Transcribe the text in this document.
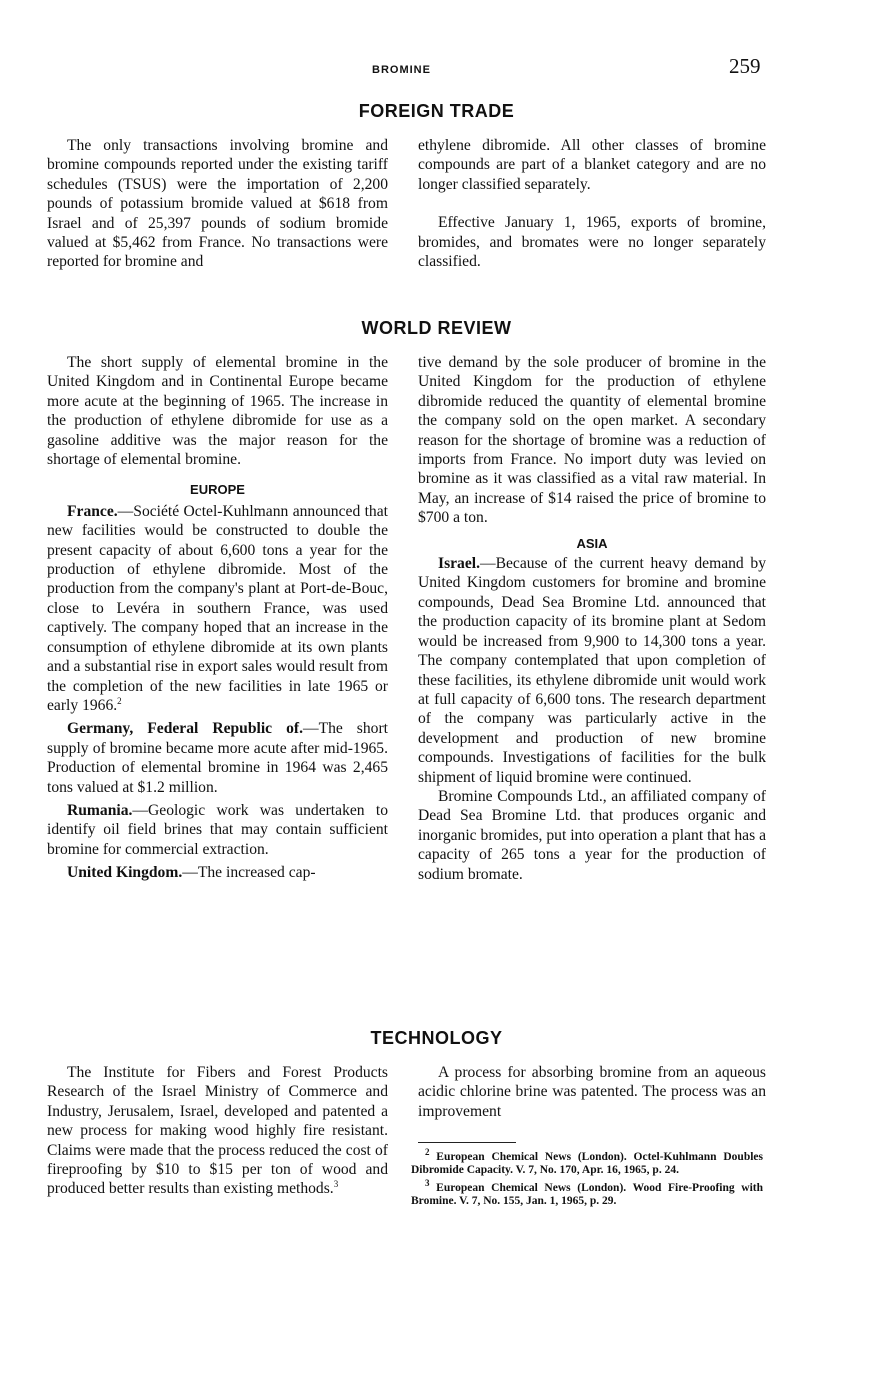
BROMINE	259
FOREIGN TRADE

The only transactions involving bromine and bromine compounds reported under the existing tariff schedules (TSUS) were the importation of 2,200 pounds of potassium bromide valued at $618 from Israel and of 25,397 pounds of sodium bromide valued at $5,462 from France. No transactions were reported for bromine and

ethylene dibromide. All other classes of bromine compounds are part of a blanket category and are no longer classified separately.

Effective January 1, 1965, exports of bromine, bromides, and bromates were no longer separately classified.

WORLD REVIEW

The short supply of elemental bromine in the United Kingdom and in Continental Europe became more acute at the beginning of 1965. The increase in the production of ethylene dibromide for use as a gasoline additive was the major reason for the shortage of elemental bromine.

EUROPE

France.—Société Octel-Kuhlmann announced that new facilities would be constructed to double the present capacity of about 6,600 tons a year for the production of ethylene dibromide. Most of the production from the company's plant at Port-de-Bouc, close to Levéra in southern France, was used captively. The company hoped that an increase in the consumption of ethylene dibromide at its own plants and a substantial rise in export sales would result from the completion of the new facilities in late 1965 or early 1966.$^2$

Germany, Federal Republic of.—The short supply of bromine became more acute after mid-1965. Production of elemental bromine in 1964 was 2,465 tons valued at $1.2 million.

Rumania.—Geologic work was undertaken to identify oil field brines that may contain sufficient bromine for commercial extraction.

United Kingdom.—The increased cap-

tive demand by the sole producer of bromine in the United Kingdom for the production of ethylene dibromide reduced the quantity of elemental bromine the company sold on the open market. A secondary reason for the shortage of bromine was a reduction of imports from France. No import duty was levied on bromine as it was classified as a vital raw material. In May, an increase of $14 raised the price of bromine to $700 a ton.

ASIA

Israel.—Because of the current heavy demand by United Kingdom customers for bromine and bromine compounds, Dead Sea Bromine Ltd. announced that the production capacity of its bromine plant at Sedom would be increased from 9,900 to 14,300 tons a year. The company contemplated that upon completion of these facilities, its ethylene dibromide unit would work at full capacity of 6,600 tons. The research department of the company was particularly active in the development and production of new bromine compounds. Investigations of facilities for the bulk shipment of liquid bromine were continued.

Bromine Compounds Ltd., an affiliated company of Dead Sea Bromine Ltd. that produces organic and inorganic bromides, put into operation a plant that has a capacity of 265 tons a year for the production of sodium bromate.

TECHNOLOGY

The Institute for Fibers and Forest Products Research of the Israel Ministry of Commerce and Industry, Jerusalem, Israel, developed and patented a new process for making wood highly fire resistant. Claims were made that the process reduced the cost of fireproofing by $10 to $15 per ton of wood and produced better results than existing methods.$^3$

A process for absorbing bromine from an aqueous acidic chlorine brine was patented. The process was an improvement

$^2$ European Chemical News (London). Octel-Kuhlmann Doubles Dibromide Capacity. V. 7, No. 170, Apr. 16, 1965, p. 24.

$^3$ European Chemical News (London). Wood Fire-Proofing with Bromine. V. 7, No. 155, Jan. 1, 1965, p. 29.
